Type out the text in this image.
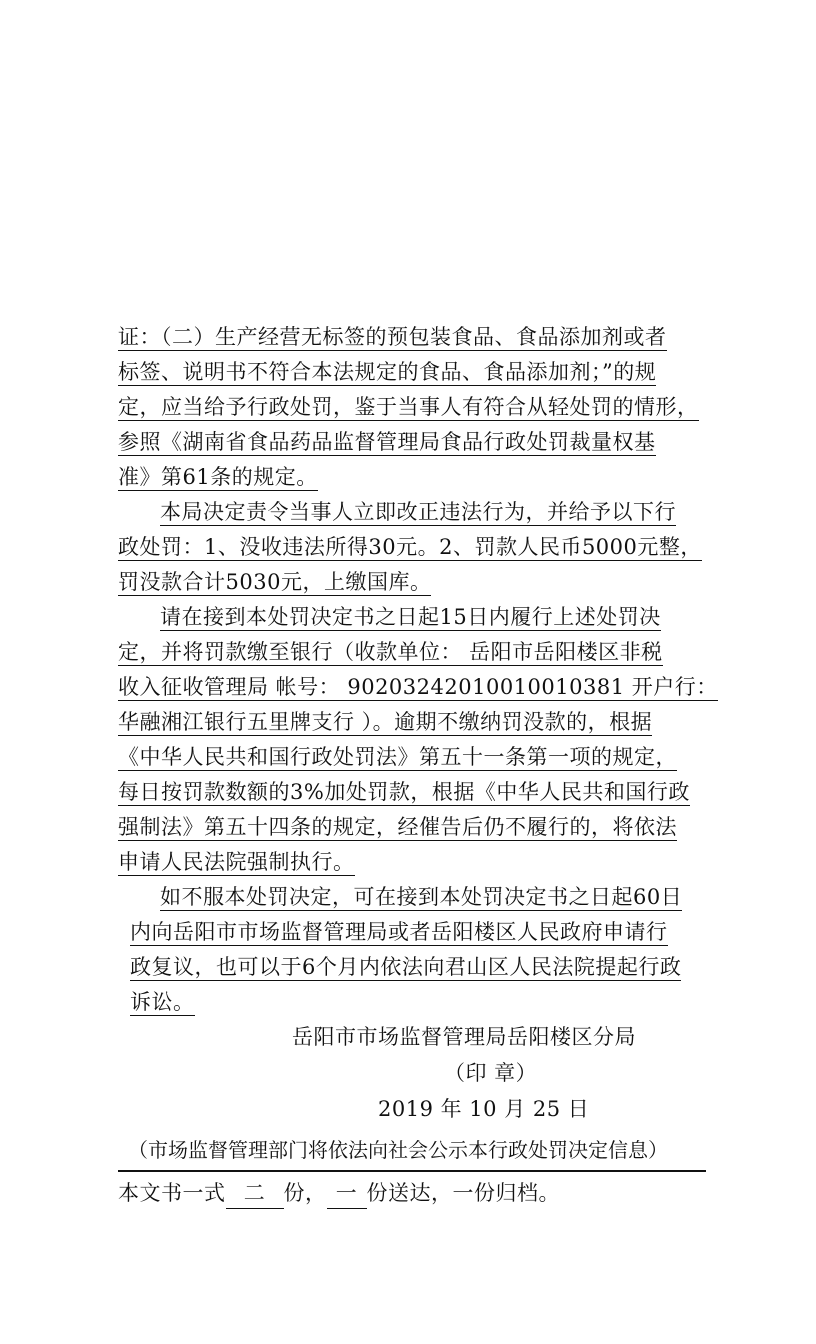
证：（二）生产经营无标签的预包装食品、食品添加剂或者
标签、说明书不符合本法规定的食品、食品添加剂；”的规
定，应当给予行政处罚，鉴于当事人有符合从轻处罚的情形，
参照《湖南省食品药品监督管理局食品行政处罚裁量权基
准》第61条的规定。
本局决定责令当事人立即改正违法行为，并给予以下行
政处罚：1、没收违法所得30元。2、罚款人民币5000元整，
罚没款合计5030元，上缴国库。
请在接到本处罚决定书之日起15日内履行上述处罚决
定，并将罚款缴至银行（收款单位： 岳阳市岳阳楼区非税
收入征收管理局 帐号： 90203242010010010381 开户行：
华融湘江银行五里牌支行 ）。逾期不缴纳罚没款的，根据
《中华人民共和国行政处罚法》第五十一条第一项的规定，
每日按罚款数额的3%加处罚款，根据《中华人民共和国行政
强制法》第五十四条的规定，经催告后仍不履行的，将依法
申请人民法院强制执行。
如不服本处罚决定，可在接到本处罚决定书之日起60日
内向岳阳市市场监督管理局或者岳阳楼区人民政府申请行
政复议，也可以于6个月内依法向君山区人民法院提起行政
诉讼。
岳阳市市场监督管理局岳阳楼区分局
（印 章）
2019 年 10 月 25 日
（市场监督管理部门将依法向社会公示本行政处罚决定信息）
本文书一式 二 份， 一 份送达，一份归档。
